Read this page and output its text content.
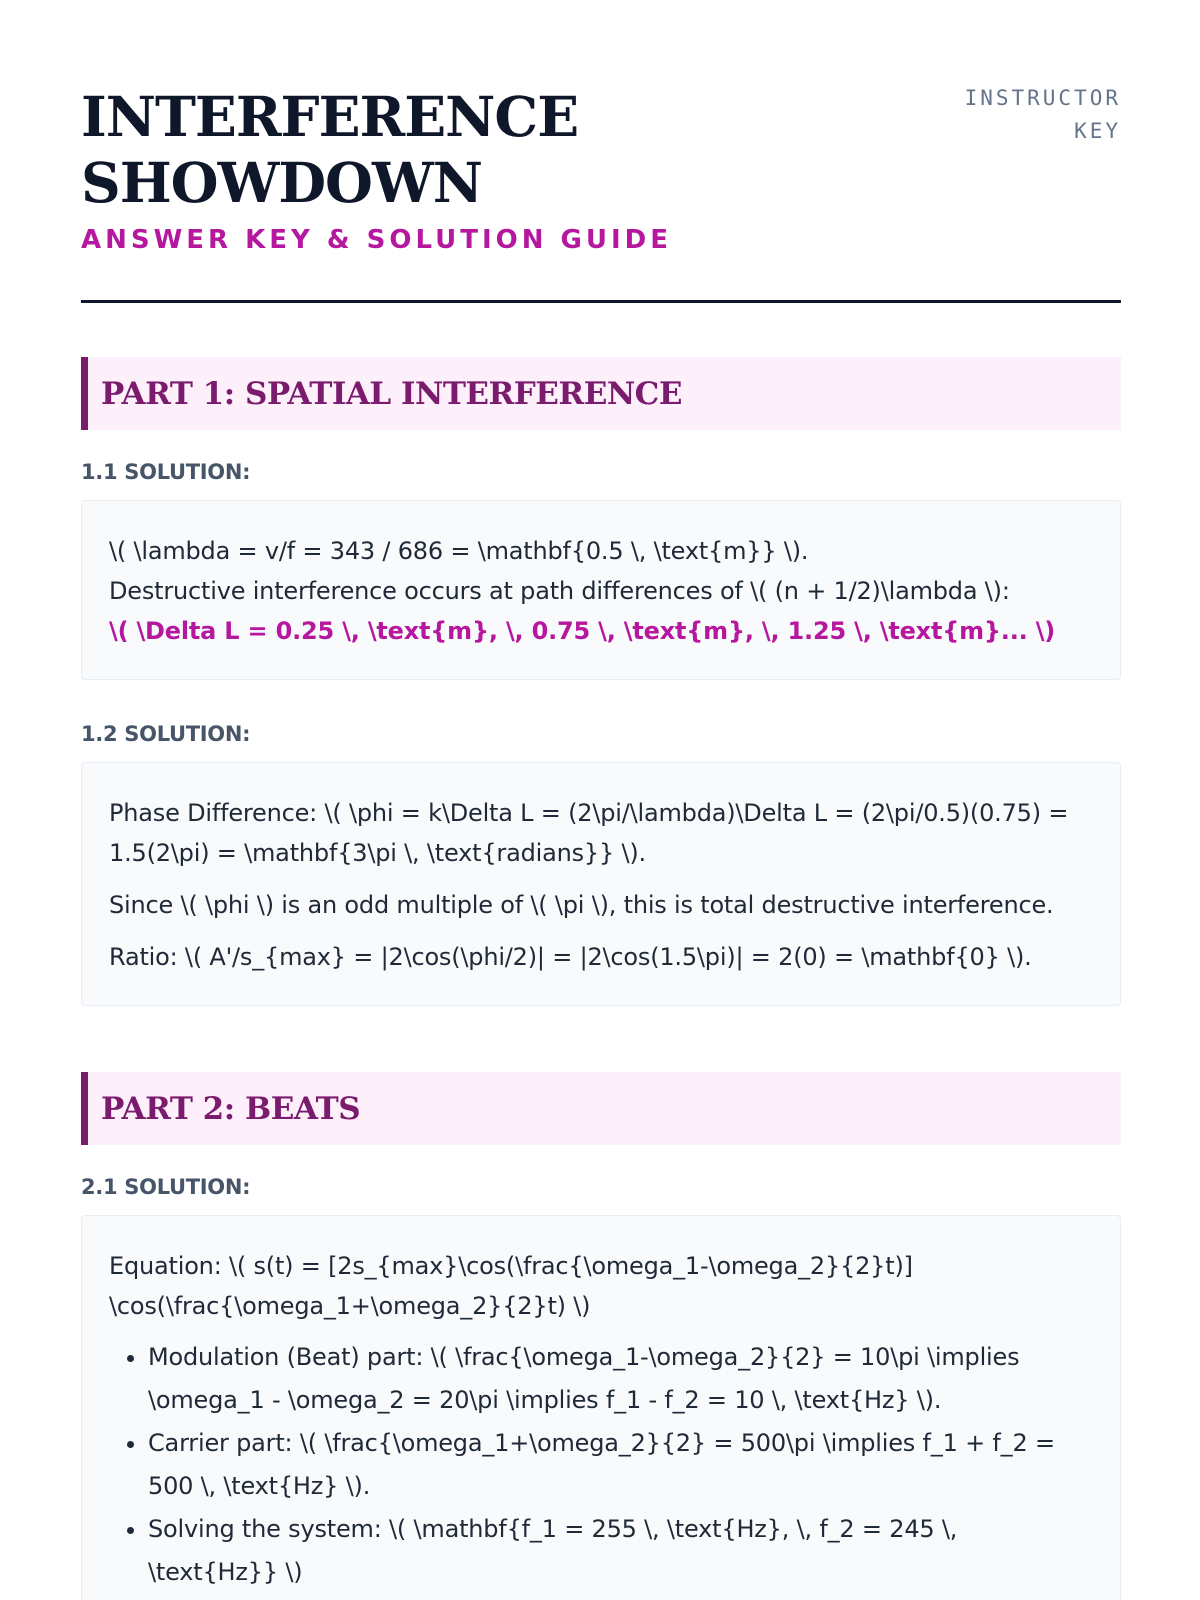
INTERFERENCE
SHOWDOWN
ANSWER KEY & SOLUTION GUIDE
INSTRUCTOR
KEY
PART 1: SPATIAL INTERFERENCE
1.1 SOLUTION:
\( \lambda = v/f = 343 / 686 = \mathbf{0.5 \, \text{m}} \).
Destructive interference occurs at path differences of \( (n + 1/2)\lambda \):
\( \Delta L = 0.25 \, \text{m}, \, 0.75 \, \text{m}, \, 1.25 \, \text{m}... \)
1.2 SOLUTION:

Phase Difference: \( \phi = k\Delta L = (2\pi/\lambda)\Delta L = (2\pi/0.5)(0.75) = 1.5(2\pi) = \mathbf{3\pi \, \text{radians}} \).

Since \( \phi \) is an odd multiple of \( \pi \), this is total destructive interference.

Ratio: \( A'/s_{max} = |2\cos(\phi/2)| = |2\cos(1.5\pi)| = 2(0) = \mathbf{0} \).

PART 2: BEATS
2.1 SOLUTION:

Equation: \( s(t) = [2s_{max}\cos(\frac{\omega_1-\omega_2}{2}t)] \cos(\frac{\omega_1+\omega_2}{2}t) \)

• Modulation (Beat) part: \( \frac{\omega_1-\omega_2}{2} = 10\pi \implies \omega_1 - \omega_2 = 20\pi \implies f_1 - f_2 = 10 \, \text{Hz} \).
• Carrier part: \( \frac{\omega_1+\omega_2}{2} = 500\pi \implies f_1 + f_2 = 500 \, \text{Hz} \).
• Solving the system: \( \mathbf{f_1 = 255 \, \text{Hz}, \, f_2 = 245 \, \text{Hz}} \)
